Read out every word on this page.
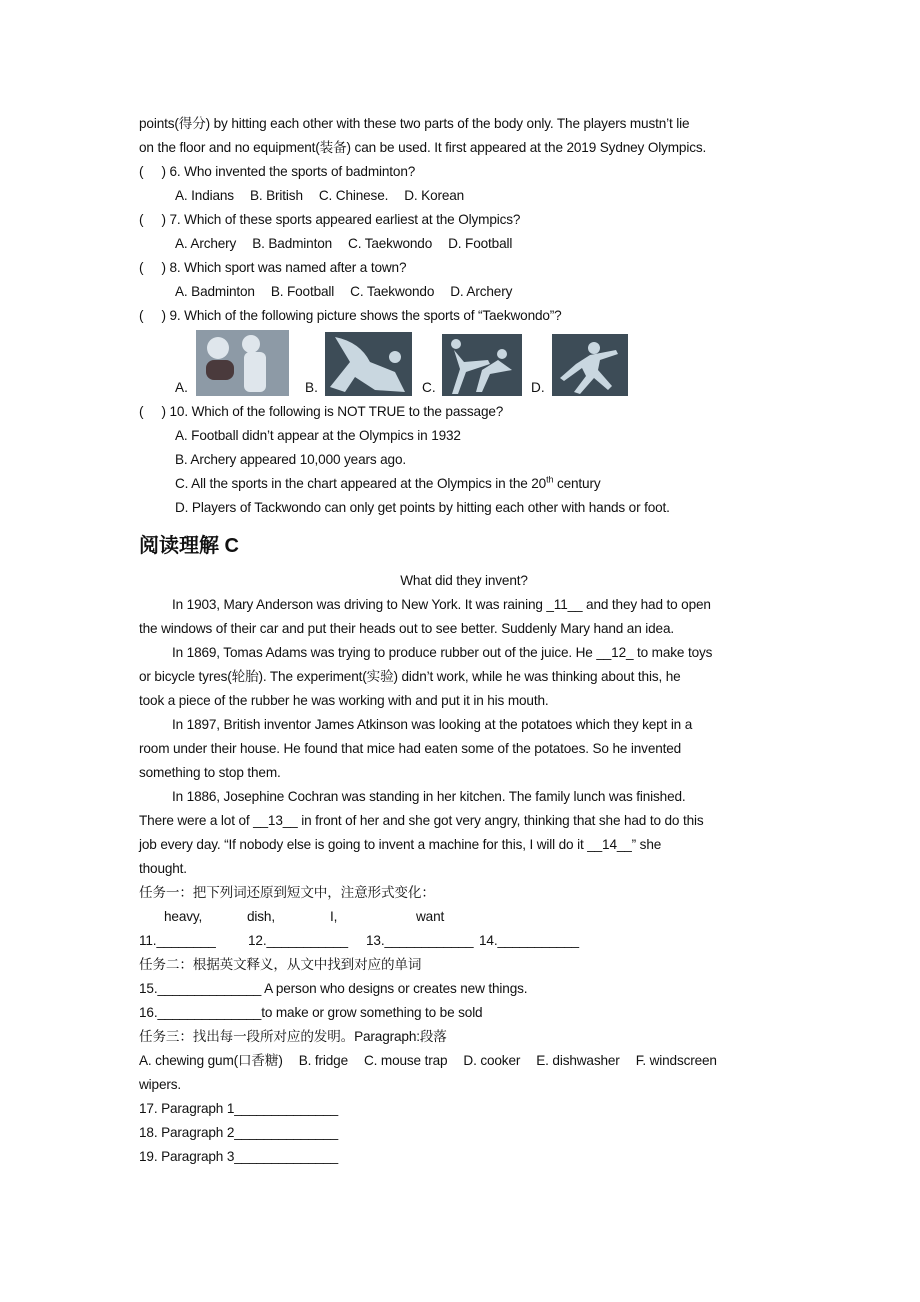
points(得分) by hitting each other with these two parts of the body only. The players mustn’t lie
on the floor and no equipment(装备) can be used. It first appeared at the 2019 Sydney Olympics.
(     ) 6. Who invented the sports of badminton?
A. Indians B. British C. Chinese. D. Korean
(     ) 7. Which of these sports appeared earliest at the Olympics?
A. Archery B. Badminton C. Taekwondo D. Football
(     ) 8. Which sport was named after a town?
A. Badminton B. Football C. Taekwondo D. Archery
(     ) 9. Which of the following picture shows the sports of “Taekwondo”?
A.	B.	C.	D.
(     ) 10. Which of the following is NOT TRUE to the passage?
A. Football didn’t appear at the Olympics in 1932
B. Archery appeared 10,000 years ago.
C. All the sports in the chart appeared at the Olympics in the 20th century
D. Players of Tackwondo can only get points by hitting each other with hands or foot.
阅读理解 C
What did they invent?
In 1903, Mary Anderson was driving to New York. It was raining _11__ and they had to open
the windows of their car and put their heads out to see better. Suddenly Mary hand an idea.
In 1869, Tomas Adams was trying to produce rubber out of the juice. He __12_ to make toys
or bicycle tyres(轮胎). The experiment(实验) didn’t work, while he was thinking about this, he
took a piece of the rubber he was working with and put it in his mouth.
In 1897, British inventor James Atkinson was looking at the potatoes which they kept in a
room under their house. He found that mice had eaten some of the potatoes. So he invented
something to stop them.
In 1886, Josephine Cochran was standing in her kitchen. The family lunch was finished.
There were a lot of __13__ in front of her and she got very angry, thinking that she had to do this
job every day. “If nobody else is going to invent a machine for this, I will do it __14__” she
thought.
任务一：把下列词还原到短文中，注意形式变化：
heavy,	dish,	I,	want
11.________ 12.___________ 13.____________ 14.___________
任务二：根据英文释义，从文中找到对应的单词
15.______________ A person who designs or creates new things.
16.______________to make or grow something to be sold
任务三：找出每一段所对应的发明。Paragraph:段落
A. chewing gum(口香糖) B. fridge C. mouse trap D. cooker E. dishwasher F. windscreen
wipers.
17. Paragraph 1______________
18. Paragraph 2______________
19. Paragraph 3______________
